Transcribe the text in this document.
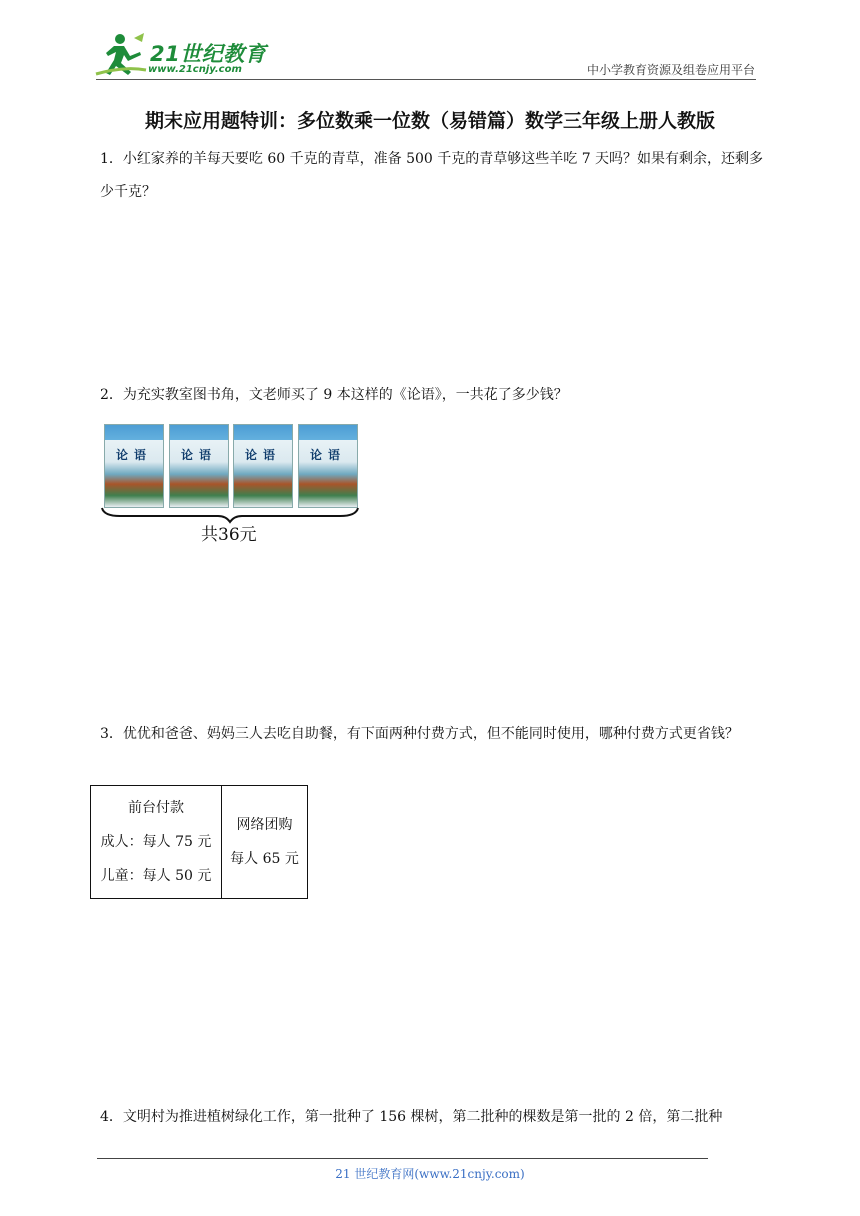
21世纪教育
www.21cnjy.com	中小学教育资源及组卷应用平台
期末应用题特训：多位数乘一位数（易错篇）数学三年级上册人教版
1．小红家养的羊每天要吃 60 千克的青草，准备 500 千克的青草够这些羊吃 7 天吗？如果有剩余，还剩多少千克？
2．为充实教室图书角，文老师买了 9 本这样的《论语》，一共花了多少钱？
论语	论语	论语	论语
共36元
3．优优和爸爸、妈妈三人去吃自助餐，有下面两种付费方式，但不能同时使用，哪种付费方式更省钱？
前台付款
成人：每人 75 元
儿童：每人 50 元

网络团购
每人 65 元
4．文明村为推进植树绿化工作，第一批种了 156 棵树，第二批种的棵数是第一批的 2 倍，第二批种
21 世纪教育网(www.21cnjy.com)
